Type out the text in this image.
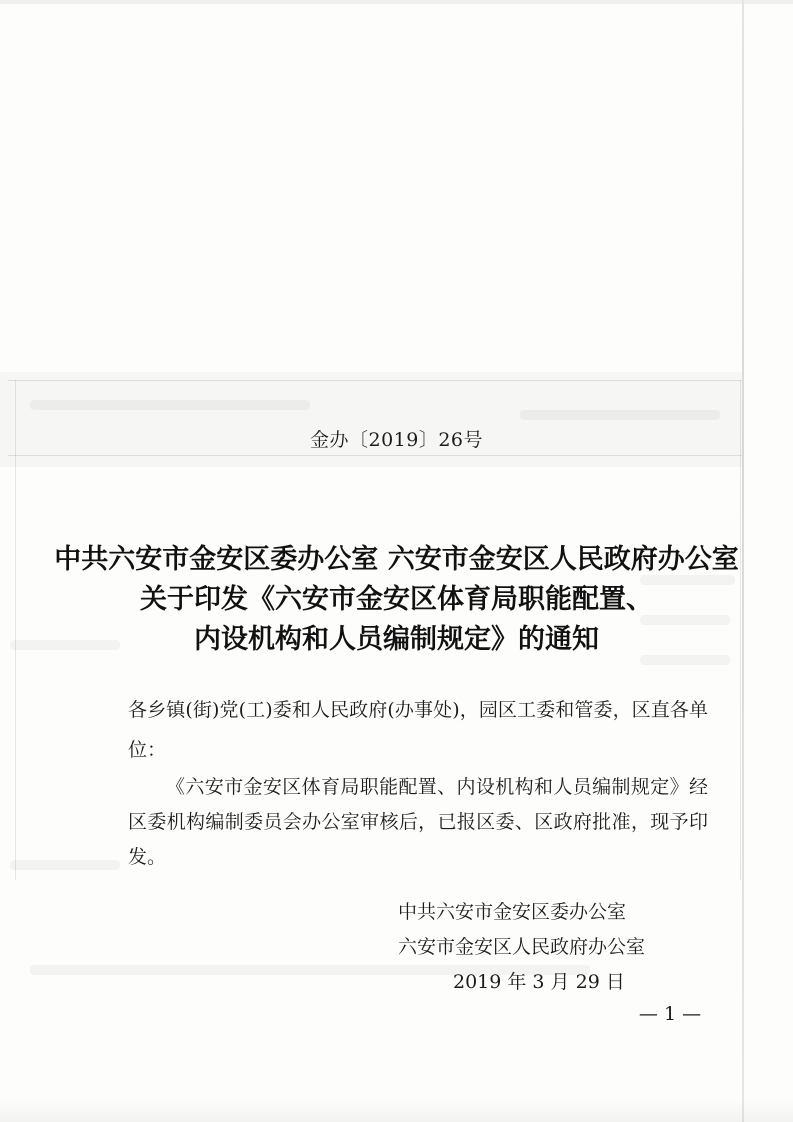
金办〔2019〕26号
中共六安市金安区委办公室 六安市金安区人民政府办公室
关于印发《六安市金安区体育局职能配置、
内设机构和人员编制规定》的通知
各乡镇(街)党(工)委和人民政府(办事处)，园区工委和管委，区直各单位：
《六安市金安区体育局职能配置、内设机构和人员编制规定》经区委机构编制委员会办公室审核后，已报区委、区政府批准，现予印发。
中共六安市金安区委办公室
六安市金安区人民政府办公室
2019 年 3 月 29 日
— 1 —
